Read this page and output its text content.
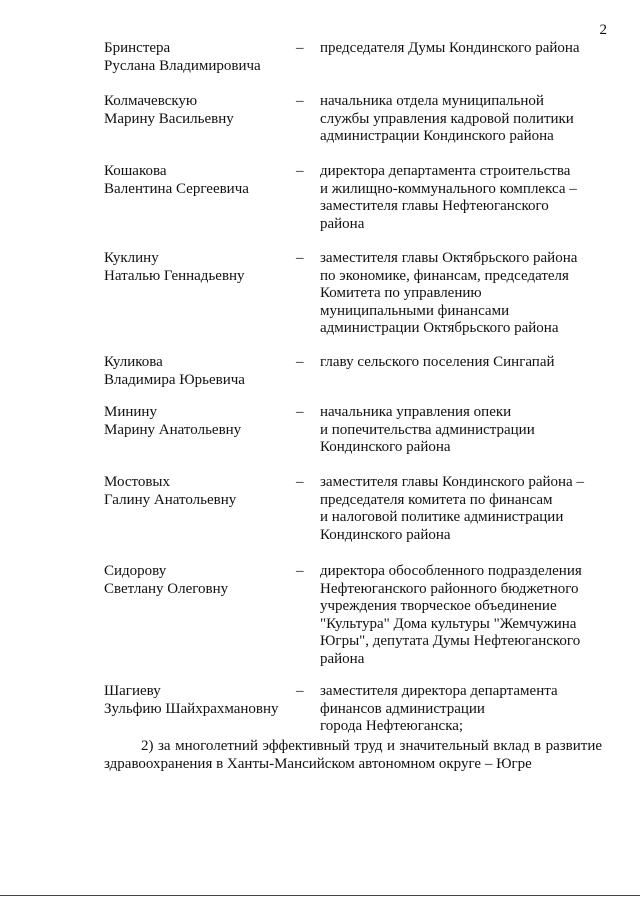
2
Бринстера
Руслана Владимировича
– председателя Думы Кондинского района
Колмачевскую
Марину Васильевну
– начальника отдела муниципальной
службы управления кадровой политики
администрации Кондинского района
Кошакова
Валентина Сергеевича
– директора департамента строительства
и жилищно-коммунального комплекса –
заместителя главы Нефтеюганского
района
Куклину
Наталью Геннадьевну
– заместителя главы Октябрьского района
по экономике, финансам, председателя
Комитета по управлению
муниципальными финансами
администрации Октябрьского района
Куликова
Владимира Юрьевича
– главу сельского поселения Сингапай
Минину
Марину Анатольевну
– начальника управления опеки
и попечительства администрации
Кондинского района
Мостовых
Галину Анатольевну
– заместителя главы Кондинского района –
председателя комитета по финансам
и налоговой политике администрации
Кондинского района
Сидорову
Светлану Олеговну
– директора обособленного подразделения
Нефтеюганского районного бюджетного
учреждения творческое объединение
"Культура" Дома культуры "Жемчужина
Югры", депутата Думы Нефтеюганского
района
Шагиеву
Зульфию Шайхрахмановну
– заместителя директора департамента
финансов администрации
города Нефтеюганска;
2) за многолетний эффективный труд и значительный вклад в развитие
здравоохранения в Ханты-Мансийском автономном округе – Югре
